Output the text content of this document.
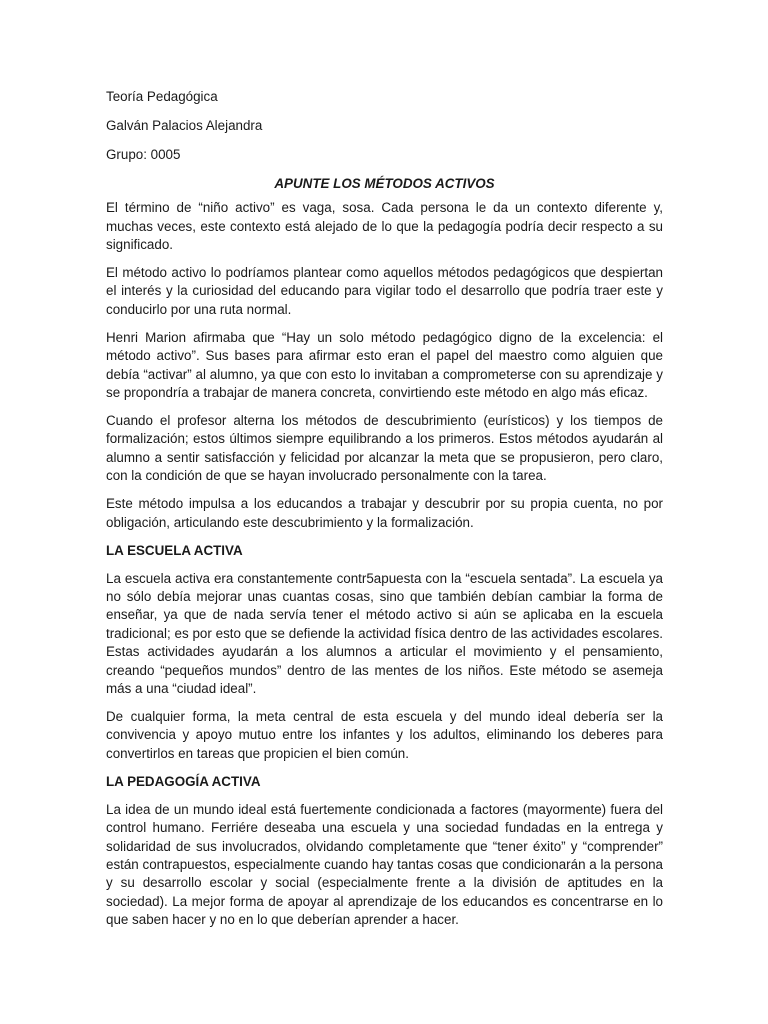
Teoría Pedagógica

Galván Palacios Alejandra

Grupo: 0005

APUNTE LOS MÉTODOS ACTIVOS

El término de “niño activo” es vaga, sosa. Cada persona le da un contexto diferente y, muchas veces, este contexto está alejado de lo que la pedagogía podría decir respecto a su significado.

El método activo lo podríamos plantear como aquellos métodos pedagógicos que despiertan el interés y la curiosidad del educando para vigilar todo el desarrollo que podría traer este y conducirlo por una ruta normal.

Henri Marion afirmaba que “Hay un solo método pedagógico digno de la excelencia: el método activo”. Sus bases para afirmar esto eran el papel del maestro como alguien que debía “activar” al alumno, ya que con esto lo invitaban a comprometerse con su aprendizaje y se propondría a trabajar de manera concreta, convirtiendo este método en algo más eficaz.

Cuando el profesor alterna los métodos de descubrimiento (eurísticos) y los tiempos de formalización; estos últimos siempre equilibrando a los primeros. Estos métodos ayudarán al alumno a sentir satisfacción y felicidad por alcanzar la meta que se propusieron, pero claro, con la condición de que se hayan involucrado personalmente con la tarea.

Este método impulsa a los educandos a trabajar y descubrir por su propia cuenta, no por obligación, articulando este descubrimiento y la formalización.

LA ESCUELA ACTIVA

La escuela activa era constantemente contr5apuesta con la “escuela sentada”. La escuela ya no sólo debía mejorar unas cuantas cosas, sino que también debían cambiar la forma de enseñar, ya que de nada servía tener el método activo si aún se aplicaba en la escuela tradicional; es por esto que se defiende la actividad física dentro de las actividades escolares. Estas actividades ayudarán a los alumnos a articular el movimiento y el pensamiento, creando “pequeños mundos” dentro de las mentes de los niños. Este método se asemeja más a una “ciudad ideal”.

De cualquier forma, la meta central de esta escuela y del mundo ideal debería ser la convivencia y apoyo mutuo entre los infantes y los adultos, eliminando los deberes para convertirlos en tareas que propicien el bien común.

LA PEDAGOGÍA ACTIVA

La idea de un mundo ideal está fuertemente condicionada a factores (mayormente) fuera del control humano. Ferriére deseaba una escuela y una sociedad fundadas en la entrega y solidaridad de sus involucrados, olvidando completamente que “tener éxito” y “comprender” están contrapuestos, especialmente cuando hay tantas cosas que condicionarán a la persona y su desarrollo escolar y social (especialmente frente a la división de aptitudes en la sociedad). La mejor forma de apoyar al aprendizaje de los educandos es concentrarse en lo que saben hacer y no en lo que deberían aprender a hacer.
